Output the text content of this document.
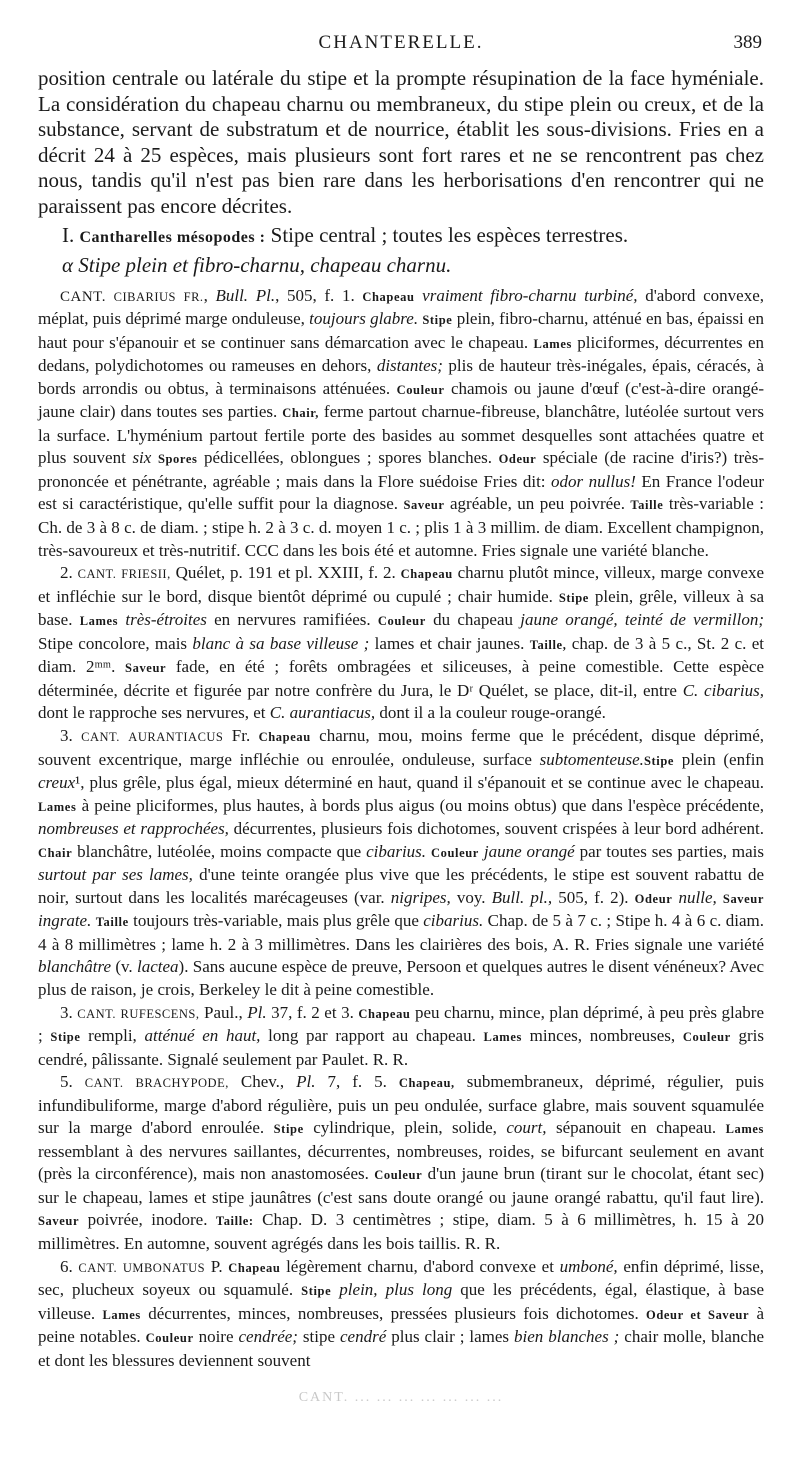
CHANTERELLE.	389

position centrale ou latérale du stipe et la prompte résupination de la face hyméniale. La considération du chapeau charnu ou membraneux, du stipe plein ou creux, et de la substance, servant de substratum et de nourrice, établit les sous-divisions. Fries en a décrit 24 à 25 espèces, mais plusieurs sont fort rares et ne se rencontrent pas chez nous, tandis qu'il n'est pas bien rare dans les herborisations d'en rencontrer qui ne paraissent pas encore décrites.

I. Cantharelles mésopodes : Stipe central ; toutes les espèces terrestres.
α Stipe plein et fibro-charnu, chapeau charnu.

CANT. CIBARIUS FR., Bull. Pl., 505, f. 1. Chapeau vraiment fibro-charnu turbiné, d'abord convexe, méplat, puis déprimé marge onduleuse, toujours glabre. Stipe plein, fibro-charnu, atténué en bas, épaissi en haut pour s'épanouir et se continuer sans démarcation avec le chapeau. Lames pliciformes, décurrentes en dedans, polydichotomes ou rameuses en dehors, distantes; plis de hauteur très-inégales, épais, céracés, à bords arrondis ou obtus, à terminaisons atténuées. Couleur chamois ou jaune d'œuf (c'est-à-dire orangé-jaune clair) dans toutes ses parties. Chair, ferme partout charnue-fibreuse, blanchâtre, lutéolée surtout vers la surface. L'hyménium partout fertile porte des basides au sommet desquelles sont attachées quatre et plus souvent six Spores pédicellées, oblongues ; spores blanches. Odeur spéciale (de racine d'iris?) très-prononcée et pénétrante, agréable ; mais dans la Flore suédoise Fries dit: odor nullus! En France l'odeur est si caractéristique, qu'elle suffit pour la diagnose. Saveur agréable, un peu poivrée. Taille très-variable : Ch. de 3 à 8 c. de diam. ; stipe h. 2 à 3 c. d. moyen 1 c. ; plis 1 à 3 millim. de diam. Excellent champignon, très-savoureux et très-nutritif. CCC dans les bois été et automne. Fries signale une variété blanche.

2. CANT. FRIESII, Quélet, p. 191 et pl. XXIII, f. 2. Chapeau charnu plutôt mince, villeux, marge convexe et infléchie sur le bord, disque bientôt déprimé ou cupulé ; chair humide. Stipe plein, grêle, villeux à sa base. Lames très-étroites en nervures ramifiées. Couleur du chapeau jaune orangé, teinté de vermillon; Stipe concolore, mais blanc à sa base villeuse ; lames et chair jaunes. Taille, chap. de 3 à 5 c., St. 2 c. et diam. 2ᵐᵐ. Saveur fade, en été ; forêts ombragées et siliceuses, à peine comestible. Cette espèce déterminée, décrite et figurée par notre confrère du Jura, le Dʳ Quélet, se place, dit-il, entre C. cibarius, dont le rapproche ses nervures, et C. aurantiacus, dont il a la couleur rouge-orangé.

3. CANT. AURANTIACUS Fr. Chapeau charnu, mou, moins ferme que le précédent, disque déprimé, souvent excentrique, marge infléchie ou enroulée, onduleuse, surface subtomenteuse.Stipe plein (enfin creux¹, plus grêle, plus égal, mieux déterminé en haut, quand il s'épanouit et se continue avec le chapeau. Lames à peine pliciformes, plus hautes, à bords plus aigus (ou moins obtus) que dans l'espèce précédente, nombreuses et rapprochées, décurrentes, plusieurs fois dichotomes, souvent crispées à leur bord adhérent. Chair blanchâtre, lutéolée, moins compacte que cibarius. Couleur jaune orangé par toutes ses parties, mais surtout par ses lames, d'une teinte orangée plus vive que les précédents, le stipe est souvent rabattu de noir, surtout dans les localités marécageuses (var. nigripes, voy. Bull. pl., 505, f. 2). Odeur nulle, Saveur ingrate. Taille toujours très-variable, mais plus grêle que cibarius. Chap. de 5 à 7 c. ; Stipe h. 4 à 6 c. diam. 4 à 8 millimètres ; lame h. 2 à 3 millimètres. Dans les clairières des bois, A. R. Fries signale une variété blanchâtre (v. lactea). Sans aucune espèce de preuve, Persoon et quelques autres le disent vénéneux? Avec plus de raison, je crois, Berkeley le dit à peine comestible.

3. CANT. RUFESCENS, Paul., Pl. 37, f. 2 et 3. Chapeau peu charnu, mince, plan déprimé, à peu près glabre ; Stipe rempli, atténué en haut, long par rapport au chapeau. Lames minces, nombreuses, Couleur gris cendré, pâlissante. Signalé seulement par Paulet. R. R.

5. CANT. BRACHYPODE, Chev., Pl. 7, f. 5. Chapeau, submembraneux, déprimé, régulier, puis infundibuliforme, marge d'abord régulière, puis un peu ondulée, surface glabre, mais souvent squamulée sur la marge d'abord enroulée. Stipe cylindrique, plein, solide, court, sépanouit en chapeau. Lames ressemblant à des nervures saillantes, décurrentes, nombreuses, roides, se bifurcant seulement en avant (près la circonférence), mais non anastomosées. Couleur d'un jaune brun (tirant sur le chocolat, étant sec) sur le chapeau, lames et stipe jaunâtres (c'est sans doute orangé ou jaune orangé rabattu, qu'il faut lire). Saveur poivrée, inodore. Taille: Chap. D. 3 centimètres ; stipe, diam. 5 à 6 millimètres, h. 15 à 20 millimètres. En automne, souvent agrégés dans les bois taillis. R. R.

6. CANT. UMBONATUS P. Chapeau légèrement charnu, d'abord convexe et umboné, enfin déprimé, lisse, sec, plucheux soyeux ou squamulé. Stipe plein, plus long que les précédents, égal, élastique, à base villeuse. Lames décurrentes, minces, nombreuses, pressées plusieurs fois dichotomes. Odeur et Saveur à peine notables. Couleur noire cendrée; stipe cendré plus clair ; lames bien blanches ; chair molle, blanche et dont les blessures deviennent souvent

CANT. ... ... ... ... ... ... ...
